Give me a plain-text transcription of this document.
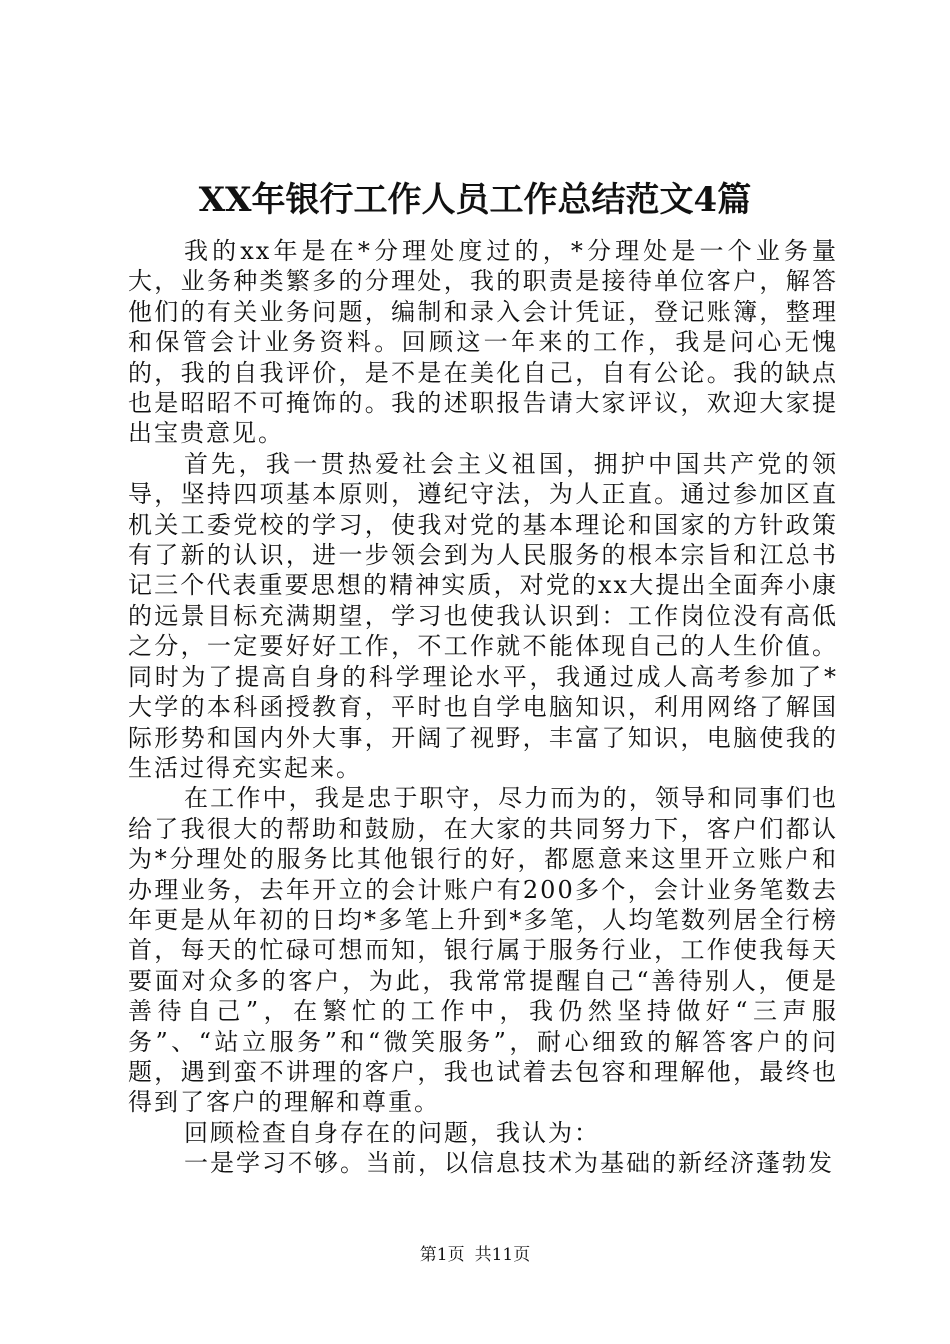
XX年银行工作人员工作总结范文4篇

我的xx年是在*分理处度过的，*分理处是一个业务量大，业务种类繁多的分理处，我的职责是接待单位客户，解答他们的有关业务问题，编制和录入会计凭证，登记账簿，整理和保管会计业务资料。回顾这一年来的工作，我是问心无愧的，我的自我评价，是不是在美化自己，自有公论。我的缺点也是昭昭不可掩饰的。我的述职报告请大家评议，欢迎大家提出宝贵意见。

首先，我一贯热爱社会主义祖国，拥护中国共产党的领导，坚持四项基本原则，遵纪守法，为人正直。通过参加区直机关工委党校的学习，使我对党的基本理论和国家的方针政策有了新的认识，进一步领会到为人民服务的根本宗旨和江总书记三个代表重要思想的精神实质，对党的xx大提出全面奔小康的远景目标充满期望，学习也使我认识到：工作岗位没有高低之分，一定要好好工作，不工作就不能体现自己的人生价值。同时为了提高自身的科学理论水平，我通过成人高考参加了*大学的本科函授教育，平时也自学电脑知识，利用网络了解国际形势和国内外大事，开阔了视野，丰富了知识，电脑使我的生活过得充实起来。

在工作中，我是忠于职守，尽力而为的，领导和同事们也给了我很大的帮助和鼓励，在大家的共同努力下，客户们都认为*分理处的服务比其他银行的好，都愿意来这里开立账户和办理业务，去年开立的会计账户有200多个，会计业务笔数去年更是从年初的日均*多笔上升到*多笔，人均笔数列居全行榜首，每天的忙碌可想而知，银行属于服务行业，工作使我每天要面对众多的客户，为此，我常常提醒自己“善待别人，便是善待自己”，在繁忙的工作中，我仍然坚持做好“三声服务”、“站立服务”和“微笑服务”，耐心细致的解答客户的问题，遇到蛮不讲理的客户，我也试着去包容和理解他，最终也得到了客户的理解和尊重。

回顾检查自身存在的问题，我认为：

一是学习不够。当前，以信息技术为基础的新经济蓬勃发

第1页 共11页
